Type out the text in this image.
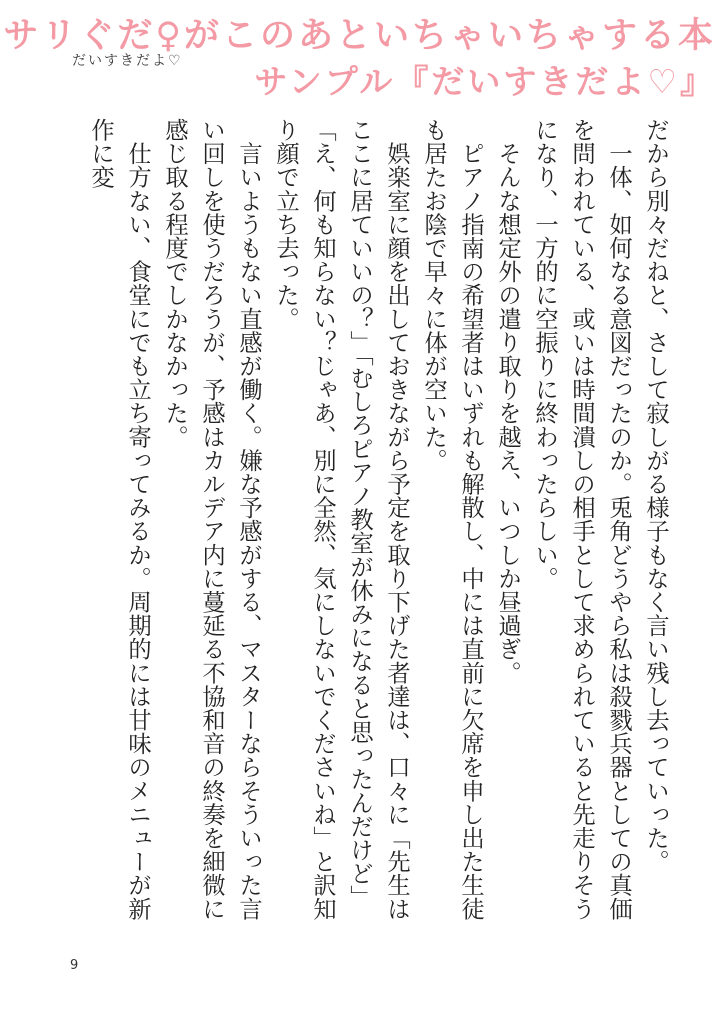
サリぐだ♀がこのあといちゃいちゃする本
サンプル『だいすきだよ♡』
だいすきだよ♡

だから別々だねと、さして寂しがる様子もなく言い残し去っていった。
　一体、如何なる意図だったのか。兎角どうやら私は殺戮兵器としての真価を問われている、或いは時間潰しの相手として求められていると先走りそうになり、一方的に空振りに終わったらしい。
　そんな想定外の遣り取りを越え、いつしか昼過ぎ。
　ピアノ指南の希望者はいずれも解散し、中には直前に欠席を申し出た生徒も居たお陰で早々に体が空いた。
　娯楽室に顔を出しておきながら予定を取り下げた者達は、口々に「先生はここに居ていいの？」「むしろピアノ教室が休みになると思ったんだけど」「え、何も知らない？じゃあ、別に全然、気にしないでくださいね」と訳知り顔で立ち去った。
　言いようもない直感が働く。嫌な予感がする、マスターならそういった言い回しを使うだろうが、予感はカルデア内に蔓延る不協和音の終奏を細微に感じ取る程度でしかなかった。
　仕方ない、食堂にでも立ち寄ってみるか。周期的には甘味のメニューが新作に変

9
